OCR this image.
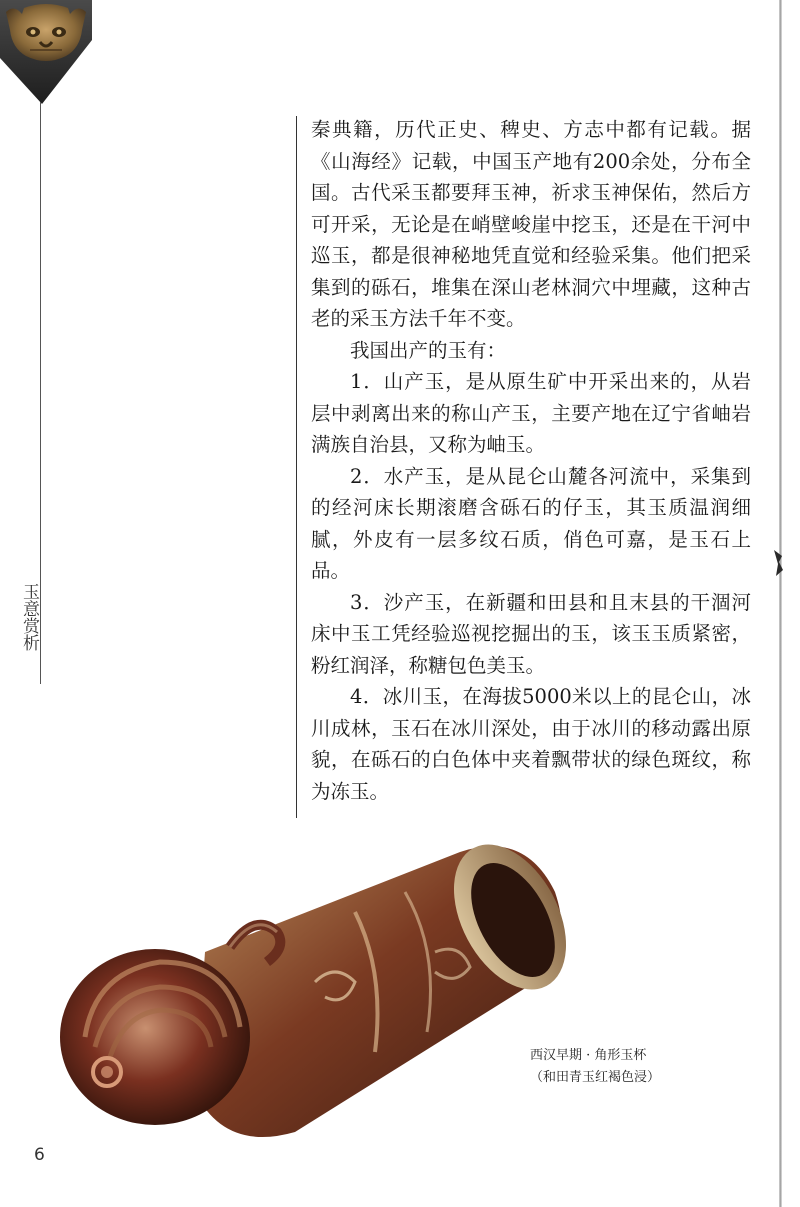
玉意赏析

秦典籍，历代正史、稗史、方志中都有记载。据《山海经》记载，中国玉产地有200余处，分布全国。古代采玉都要拜玉神，祈求玉神保佑，然后方可开采，无论是在峭壁峻崖中挖玉，还是在干河中巡玉，都是很神秘地凭直觉和经验采集。他们把采集到的砾石，堆集在深山老林洞穴中埋藏，这种古老的采玉方法千年不变。

我国出产的玉有：

1．山产玉，是从原生矿中开采出来的，从岩层中剥离出来的称山产玉，主要产地在辽宁省岫岩满族自治县，又称为岫玉。

2．水产玉，是从昆仑山麓各河流中，采集到的经河床长期滚磨含砾石的仔玉，其玉质温润细腻，外皮有一层多纹石质，俏色可嘉，是玉石上品。

3．沙产玉，在新疆和田县和且末县的干涸河床中玉工凭经验巡视挖掘出的玉，该玉玉质紧密，粉红润泽，称糖包色美玉。

4．冰川玉，在海拔5000米以上的昆仑山，冰川成林，玉石在冰川深处，由于冰川的移动露出原貌，在砾石的白色体中夹着飘带状的绿色斑纹，称为冻玉。

西汉早期 · 角形玉杯
（和田青玉红褐色浸）
6
